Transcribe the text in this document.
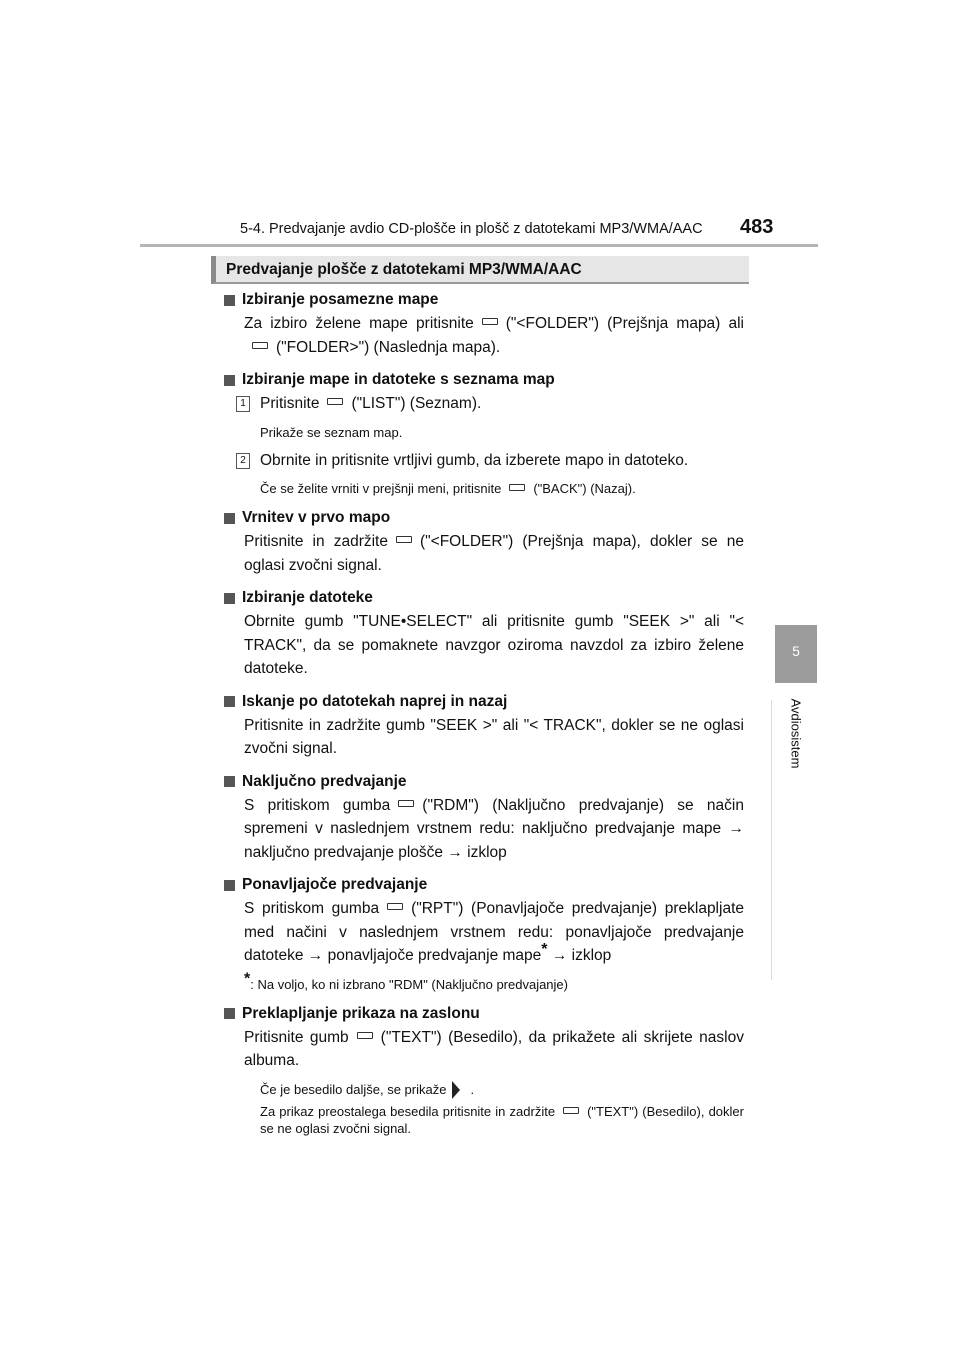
5-4. Predvajanje avdio CD-plošče in plošč z datotekami MP3/WMA/AAC 483
5
Avdiosistem
Predvajanje plošče z datotekami MP3/WMA/AAC
Izbiranje posamezne mape

Za izbiro želene mape pritisnite ("<FOLDER") (Prejšnja mapa) ali("FOLDER>") (Naslednja mapa).

Izbiranje mape in datoteke s seznama map
1 Pritisnite ("LIST") (Seznam).

Prikaže se seznam map.

2 Obrnite in pritisnite vrtljivi gumb, da izberete mapo in datoteko.

Če se želite vrniti v prejšnji meni, pritisnite ("BACK") (Nazaj).

Vrnitev v prvo mapo

Pritisnite in zadržite ("<FOLDER") (Prejšnja mapa), dokler se ne oglasi zvočni signal.

Izbiranje datoteke

Obrnite gumb "TUNE•SELECT" ali pritisnite gumb "SEEK >" ali "< TRACK", da se pomaknete navzgor oziroma navzdol za izbiro želene datoteke.

Iskanje po datotekah naprej in nazaj

Pritisnite in zadržite gumb "SEEK >" ali "< TRACK", dokler se ne oglasi zvočni signal.

Naključno predvajanje

S pritiskom gumba ("RDM") (Naključno predvajanje) se način spremeni v naslednjem vrstnem redu: naključno predvajanje mape → naključno predvajanje plošče → izklop

Ponavljajoče predvajanje

S pritiskom gumba ("RPT") (Ponavljajoče predvajanje) preklapljate med načini v naslednjem vrstnem redu: ponavljajoče predvajanje datoteke → ponavljajoče predvajanje mape* → izklop

*: Na voljo, ko ni izbrano "RDM" (Naključno predvajanje)

Preklapljanje prikaza na zaslonu

Pritisnite gumb ("TEXT") (Besedilo), da prikažete ali skrijete naslov albuma.

Če je besedilo daljše, se prikaže .

Za prikaz preostalega besedila pritisnite in zadržite ("TEXT") (Besedilo), dokler se ne oglasi zvočni signal.
